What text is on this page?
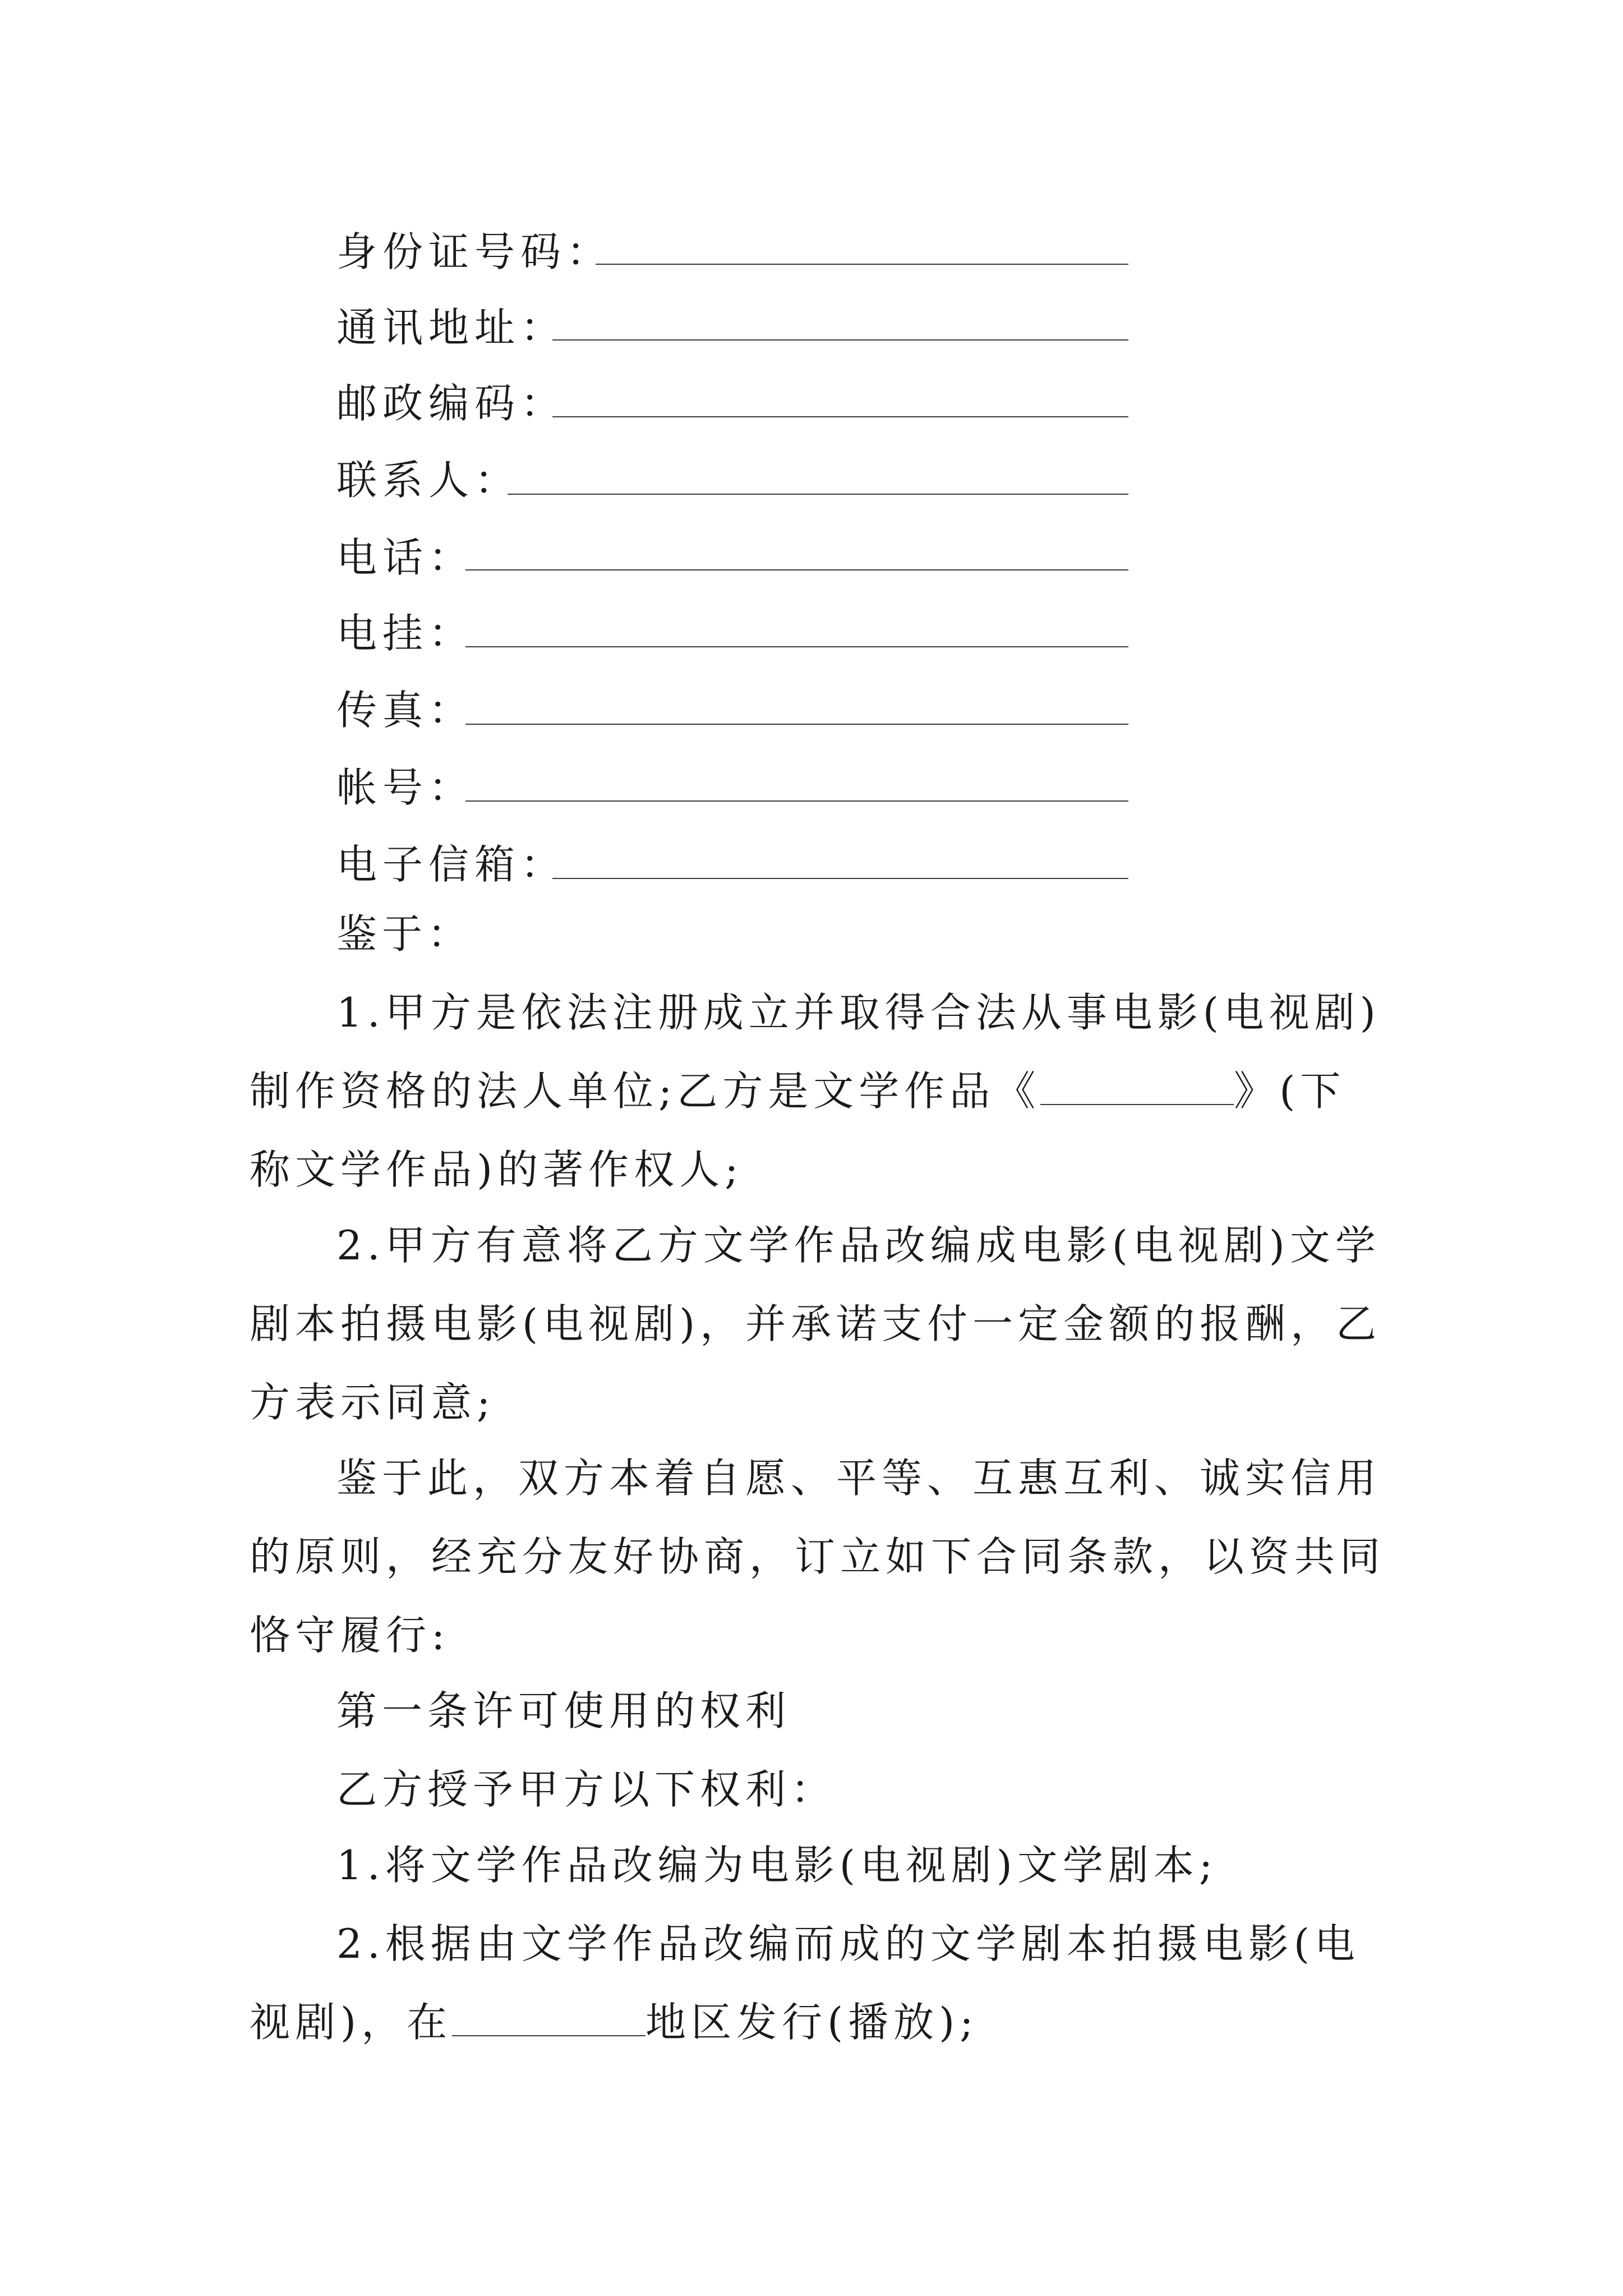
身份证号码：
通讯地址：
邮政编码：
联系人：
电话：
电挂：
传真：
帐号：
电子信箱：
鉴于：
1.甲方是依法注册成立并取得合法从事电影(电视剧)制作资格的法人单位;乙方是文学作品《	》(下称文学作品)的著作权人;
2.甲方有意将乙方文学作品改编成电影(电视剧)文学剧本拍摄电影(电视剧)，并承诺支付一定金额的报酬，乙方表示同意;
鉴于此，双方本着自愿、平等、互惠互利、诚实信用的原则，经充分友好协商，订立如下合同条款，以资共同恪守履行:
第一条许可使用的权利
乙方授予甲方以下权利：
1.将文学作品改编为电影(电视剧)文学剧本;
2.根据由文学作品改编而成的文学剧本拍摄电影(电视剧)，在	地区发行(播放);
